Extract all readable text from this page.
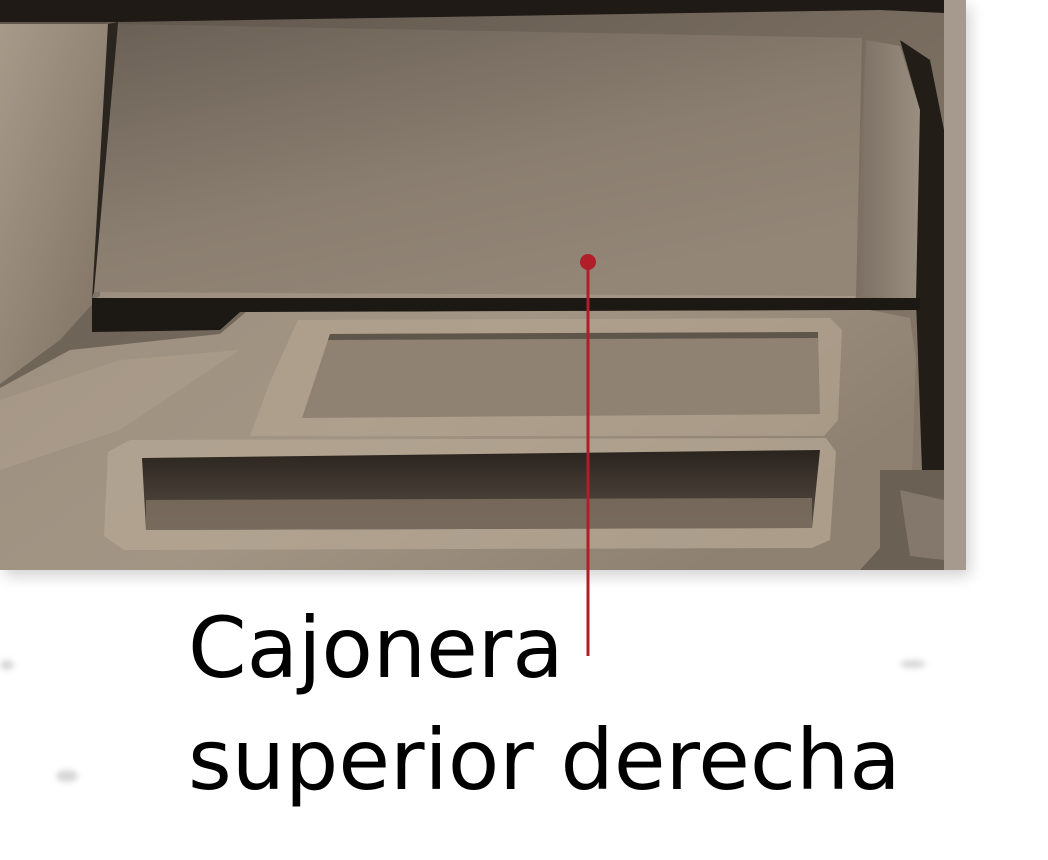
Cajonera
superior derecha
